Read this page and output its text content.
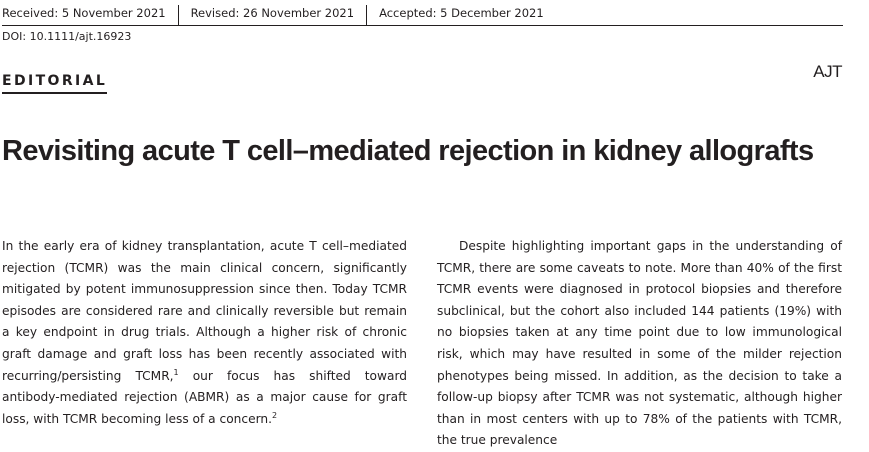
Received: 5 November 2021	Revised: 26 November 2021	Accepted: 5 December 2021
DOI: 10.1111/ajt.16923
EDITORIAL	AJT
Revisiting acute T cell–mediated rejection in kidney allografts

In the early era of kidney transplantation, acute T cell–mediated rejection (TCMR) was the main clinical concern, significantly mitigated by potent immunosuppression since then. Today TCMR episodes are considered rare and clinically reversible but remain a key endpoint in drug trials. Although a higher risk of chronic graft damage and graft loss has been recently associated with recurring/persisting TCMR,$^1$ our focus has shifted toward antibody-mediated rejection (ABMR) as a major cause for graft loss, with TCMR becoming less of a concern.$^2$

Despite highlighting important gaps in the understanding of TCMR, there are some caveats to note. More than 40% of the first TCMR events were diagnosed in protocol biopsies and therefore subclinical, but the cohort also included 144 patients (19%) with no biopsies taken at any time point due to low immunological risk, which may have resulted in some of the milder rejection phenotypes being missed. In addition, as the decision to take a follow-up biopsy after TCMR was not systematic, although higher than in most centers with up to 78% of the patients with TCMR, the true prevalence
